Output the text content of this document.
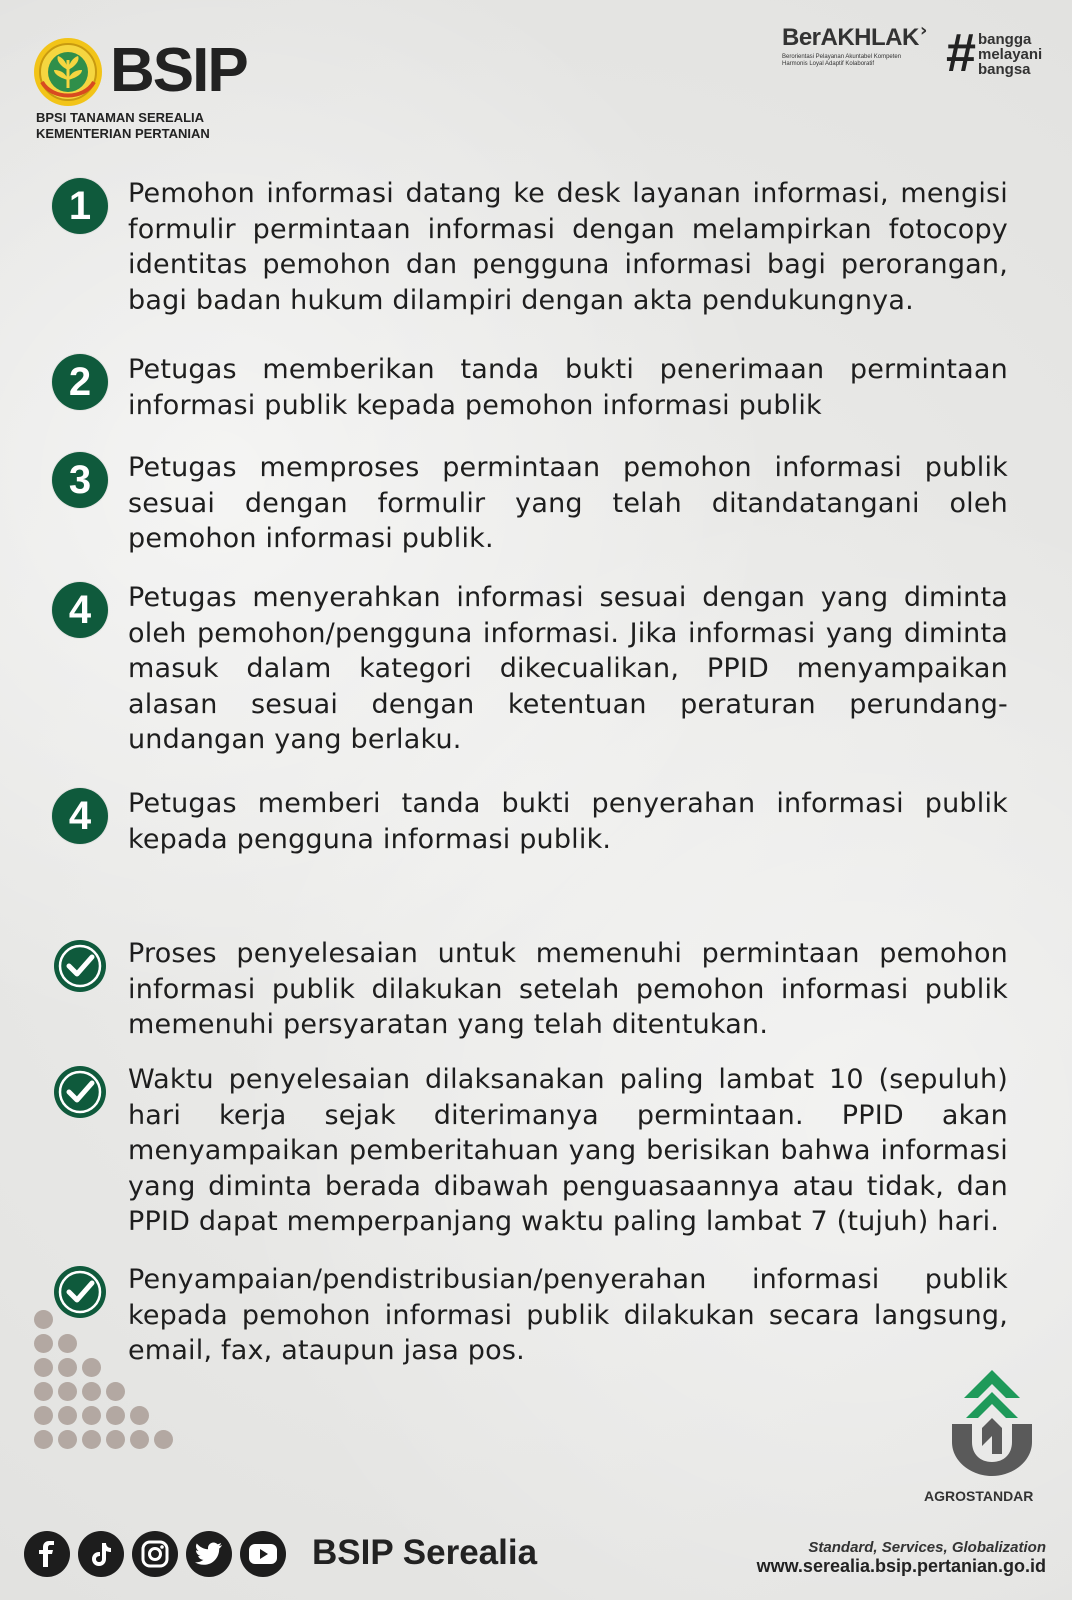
BSIP
BPSI TANAMAN SEREALIA
KEMENTERIAN PERTANIAN
BerAKHLAK ›
Berorientasi Pelayanan Akuntabel Kompeten
Harmonis Loyal Adaptif Kolaboratif	# bangga
melayani
bangsa
1	Pemohon informasi datang ke desk layanan informasi, mengisi formulir permintaan informasi dengan melampirkan fotocopy identitas pemohon dan pengguna informasi bagi perorangan, bagi badan hukum dilampiri dengan akta pendukungnya.
2	Petugas memberikan tanda bukti penerimaan permintaan informasi publik kepada pemohon informasi publik
3	Petugas memproses permintaan pemohon informasi publik sesuai dengan formulir yang telah ditandatangani oleh pemohon informasi publik.
4	Petugas menyerahkan informasi sesuai dengan yang diminta oleh pemohon/pengguna informasi. Jika informasi yang diminta masuk dalam kategori dikecualikan, PPID menyampaikan alasan sesuai dengan ketentuan peraturan perundang-undangan yang berlaku.
4	Petugas memberi tanda bukti penyerahan informasi publik kepada pengguna informasi publik.
Proses penyelesaian untuk memenuhi permintaan pemohon informasi publik dilakukan setelah pemohon informasi publik memenuhi persyaratan yang telah ditentukan.
Waktu penyelesaian dilaksanakan paling lambat 10 (sepuluh) hari kerja sejak diterimanya permintaan. PPID akan menyampaikan pemberitahuan yang berisikan bahwa informasi yang diminta berada dibawah penguasaannya atau tidak, dan PPID dapat memperpanjang waktu paling lambat 7 (tujuh) hari.
Penyampaian/pendistribusian/penyerahan informasi publik kepada pemohon informasi publik dilakukan secara langsung, email, fax, ataupun jasa pos.
AGROSTANDAR
BSIP Serealia	Standard, Services, Globalization
www.serealia.bsip.pertanian.go.id
